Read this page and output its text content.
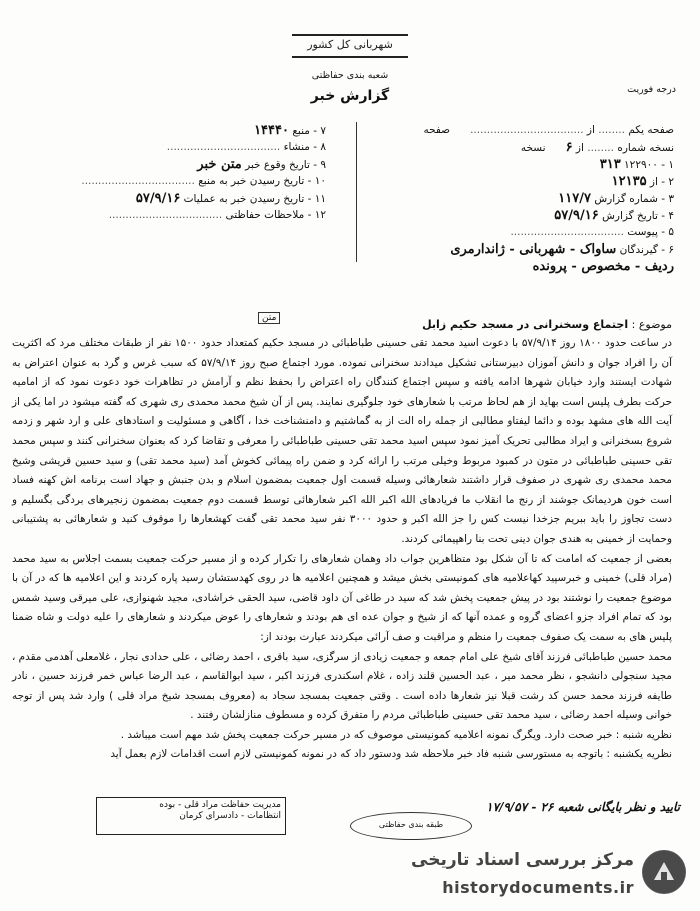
شهربانی کل کشور
شعبه بندی حفاظتی
درجه فوریت
گزارش خبر
صفحه یکم ........ از ..................................صفحه
نسخه شماره ........ از ۶نسخه
۱ - ۱۲۲۹۰۰ ۳۱۳
۲ - از ۱۲۱۳۵
۳ - شماره گزارش ۱۱۷/۷
۴ - تاریخ گزارش ۵۷/۹/۱۶
۵ - پیوست ..................................
۶ - گیرندگان ساواک - شهربانی - ژاندارمری
ردیف - مخصوص - پرونده
۷ - منبع ۱۴۴۴۰
۸ - منشاء ..................................
۹ - تاریخ وقوع خبر متن خبر
۱۰ - تاریخ رسیدن خبر به منبع ..................................
۱۱ - تاریخ رسیدن خبر به عملیات ۵۷/۹/۱۶
۱۲ - ملاحظات حفاظتی ..................................
متن	موضوع : اجتماع وسخنرانی در مسجد حکیم زابل

در ساعت حدود ۱۸۰۰ روز ۵۷/۹/۱۴ با دعوت اسید محمد تقی حسینی طباطبائی در مسجد حکیم کمتعداد حدود ۱۵۰۰ نفر از طبقات مختلف مرد که اکثریت آن را افراد جوان و دانش آموزان دبیرستانی تشکیل میدادند سخنرانی نموده. مورد اجتماع صبح روز ۵۷/۹/۱۴ که سبب غرس و گرد به عنوان اعتراض به شهادت ایستند وارد خیابان شهرها ادامه یافته و سپس اجتماع کنندگان راه اعتراض را بحفظ نظم و آرامش در تظاهرات خود دعوت نمود که از امامیه حرکت بطرف پلیس است بهاید از هم لحاظ مرتب با شعارهای خود جلوگیری نمایند. پس از آن شیخ محمد محمدی ری شهری که گفته میشود در اما یکی از آیت الله های مشهد بوده و دائما لیفتاو مطالبی از جمله راه الت از به گماشتیم و دامنشناخت خدا ، آگاهی و مسئولیت و استادهای علی و ارد شهر و زدمه شروع بسخنرانی و ایراد مطالبی تحریک آمیز نمود سپس اسید محمد تقی حسینی طباطبائی را معرفی و تقاضا کرد که بعنوان سخنرانی کنند و سپس محمد تقی حسینی طباطبائی در متون در کمبود مربوط وخیلی مرتب را ارائه کرد و ضمن راه پیمائی کخوش آمد (سید محمد تقی) و سید حسین قریشی وشیخ محمد محمدی ری شهری در صفوف قرار داشتند شعارهائی وسیله قسمت اول جمعیت بمضمون اسلام و بدن جنبش و جهاد است برنامه اش کهنه فساد است خون هردیمانک جوشند از رنج ما انقلاب ما فریادهای الله اکبر الله اکبر شعارهائی توسط قسمت دوم جمعیت بمضمون زنجیرهای بردگی بگسلیم و دست تجاوز را باید ببریم جزخدا نیست کس را جز الله اکبر و حدود ۳۰۰۰ نفر سید محمد تقی گفت کهشعارها را موقوف کنید و شعارهائی به پشتیبانی وحمایت از خمینی به هندی جوان دینی تحت بنا راهپیمائی کردند.

بعضی از جمعیت که امامت که تا آن شکل بود متظاهرین جواب داد وهمان شعارهای را تکرار کرده و از مسیر حرکت جمعیت بسمت اجلاس به سید محمد (مراد قلی) خمینی و خبرسپید کهاعلامیه های کمونیستی بخش میشد و همچنین اعلامیه ها در روی کهدستشان رسید پاره کردند و این اعلامیه ها که در آن با موضوع جمعیت را نوشتند بود در پیش جمعیت پخش شد که سید در طاغی آن داود قاضی، سید الحقی خراشادی، مجید شهنوازی، علی میرقی وسید شمس بود که تمام افراد جزو اعضای گروه و عمده آنها که از شیخ و جوان عده ای هم بودند و شعارهای را عوض میکردند و شعارهای را علیه دولت و شاه ضمنا پلیس های به سمت یک صفوف جمعیت را منظم و مراقبت و صف آرائی میکردند عبارت بودند از:

محمد حسین طباطبائی فرزند آقای شیخ علی امام جمعه و جمعیت زیادی از سرگزی، سید باقری ، احمد رضائی ، علی حدادی نجار ، غلامعلی آهدمی مقدم ، مجید سنجولی دانشجو ، نظر محمد میر ، عبد الحسین قلند زاده ، غلام اسکندری فرزند اکبر ، سید ابوالقاسم ، عبد الرضا عباس خمر فرزند حسین ، نادر طایفه فرزند محمد حسن کد رشت قبلا نیز شعارها داده است . وقتی جمعیت بمسجد سجاد به (معروف بمسجد شیخ مراد قلی ) وارد شد پس از توجه خوانی وسیله احمد رضائی ، سید محمد تقی حسینی طباطبائی مردم را متفرق کرده و مسطوف منازلشان رفتند .

نظریه شنبه : خبر صحت دارد. ویگرگ نمونه اعلامیه کمونیستی موصوف که در مسیر حرکت جمعیت پخش شد مهم است میباشد .

نظریه یکشنبه : باتوجه به مستورسی شنبه فاد خبر ملاحظه شد ودستور داد که در نمونه کمونیستی لازم است اقدامات لازم بعمل آید

مدیریت حفاظت مراد قلی - بوده
انتظامات - دادسرای کرمان
تایید و نظر بایگانی شعبه ۲۶ - ۱۷/۹/۵۷
طبقه بندی حفاظتی
مرکز بررسی اسناد تاریخی
historydocuments.ir
